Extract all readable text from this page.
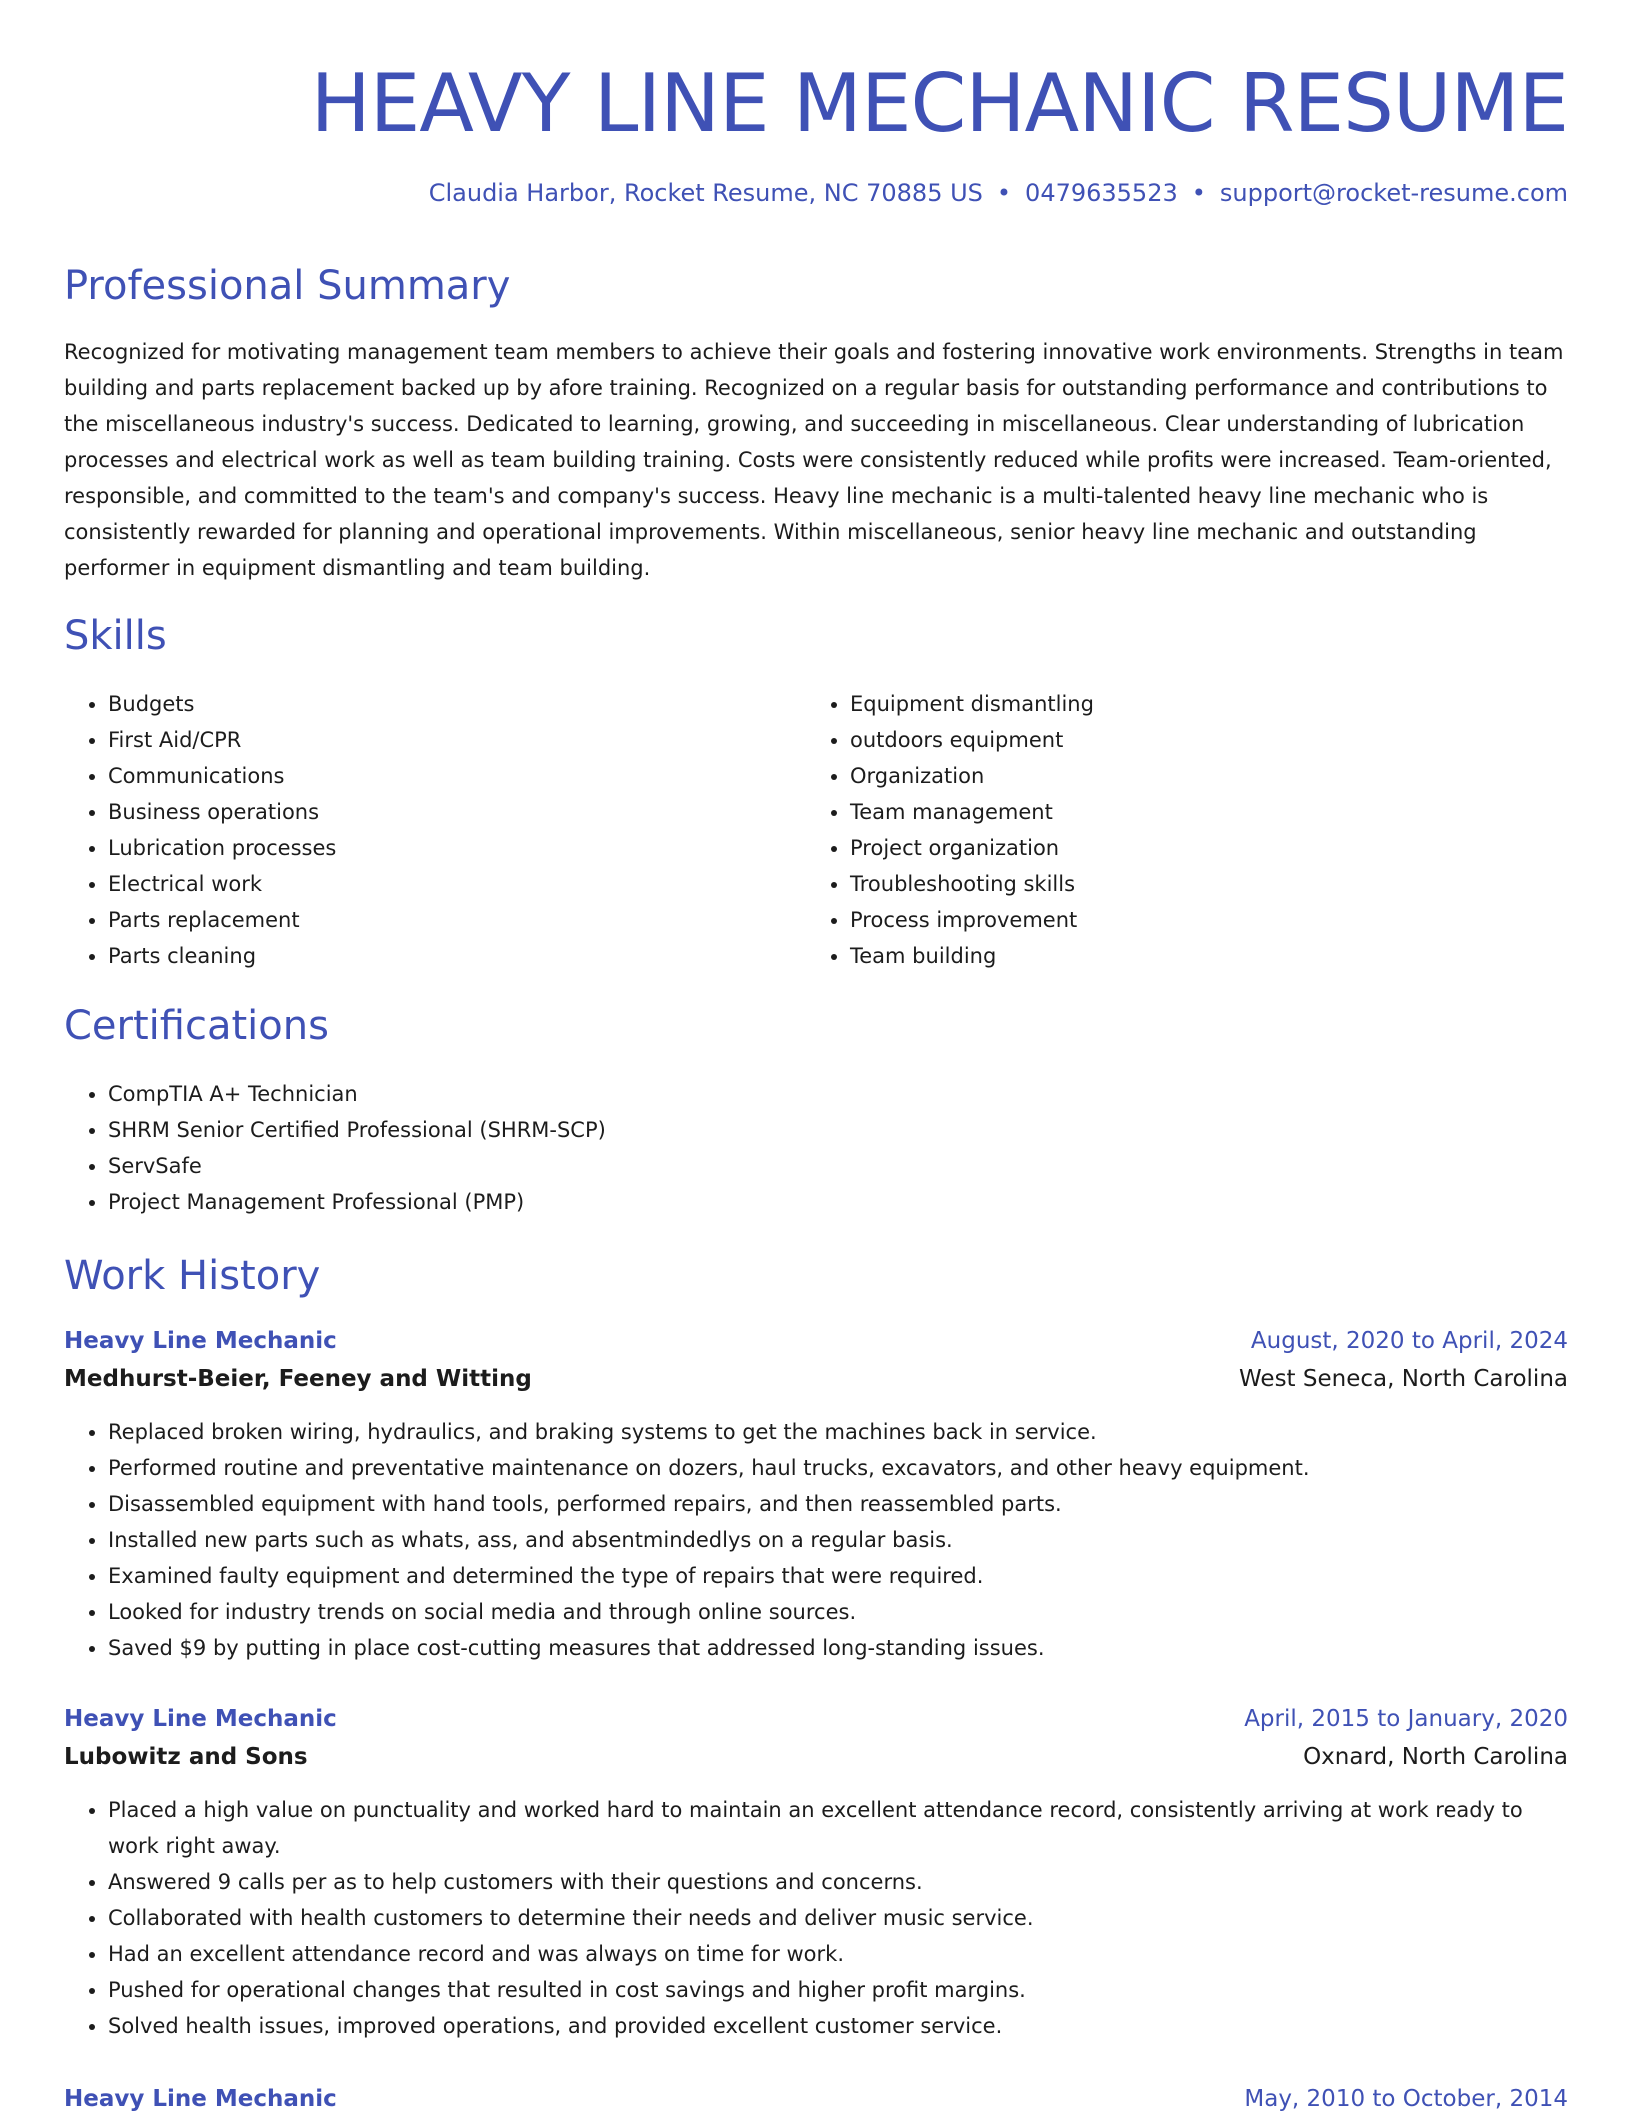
HEAVY LINE MECHANIC RESUME
Claudia Harbor, Rocket Resume, NC 70885 US • 0479635523 • support@rocket-resume.com
Professional Summary

Recognized for motivating management team members to achieve their goals and fostering innovative work environments. Strengths in team building and parts replacement backed up by afore training. Recognized on a regular basis for outstanding performance and contributions to the miscellaneous industry's success. Dedicated to learning, growing, and succeeding in miscellaneous. Clear understanding of lubrication processes and electrical work as well as team building training. Costs were consistently reduced while profits were increased. Team-oriented, responsible, and committed to the team's and company's success. Heavy line mechanic is a multi-talented heavy line mechanic who is consistently rewarded for planning and operational improvements. Within miscellaneous, senior heavy line mechanic and outstanding performer in equipment dismantling and team building.

Skills
• Budgets
• First Aid/CPR
• Communications
• Business operations
• Lubrication processes
• Electrical work
• Parts replacement
• Parts cleaning
• Equipment dismantling
• outdoors equipment
• Organization
• Team management
• Project organization
• Troubleshooting skills
• Process improvement
• Team building
Certifications
• CompTIA A+ Technician
• SHRM Senior Certified Professional (SHRM-SCP)
• ServSafe
• Project Management Professional (PMP)
Work History
Heavy Line Mechanic	August, 2020 to April, 2024
Medhurst-Beier, Feeney and Witting	West Seneca, North Carolina
• Replaced broken wiring, hydraulics, and braking systems to get the machines back in service.
• Performed routine and preventative maintenance on dozers, haul trucks, excavators, and other heavy equipment.
• Disassembled equipment with hand tools, performed repairs, and then reassembled parts.
• Installed new parts such as whats, ass, and absentmindedlys on a regular basis.
• Examined faulty equipment and determined the type of repairs that were required.
• Looked for industry trends on social media and through online sources.
• Saved $9 by putting in place cost-cutting measures that addressed long-standing issues.
Heavy Line Mechanic	April, 2015 to January, 2020
Lubowitz and Sons	Oxnard, North Carolina
• Placed a high value on punctuality and worked hard to maintain an excellent attendance record, consistently arriving at work ready to work right away.
• Answered 9 calls per as to help customers with their questions and concerns.
• Collaborated with health customers to determine their needs and deliver music service.
• Had an excellent attendance record and was always on time for work.
• Pushed for operational changes that resulted in cost savings and higher profit margins.
• Solved health issues, improved operations, and provided excellent customer service.
Heavy Line Mechanic	May, 2010 to October, 2014
